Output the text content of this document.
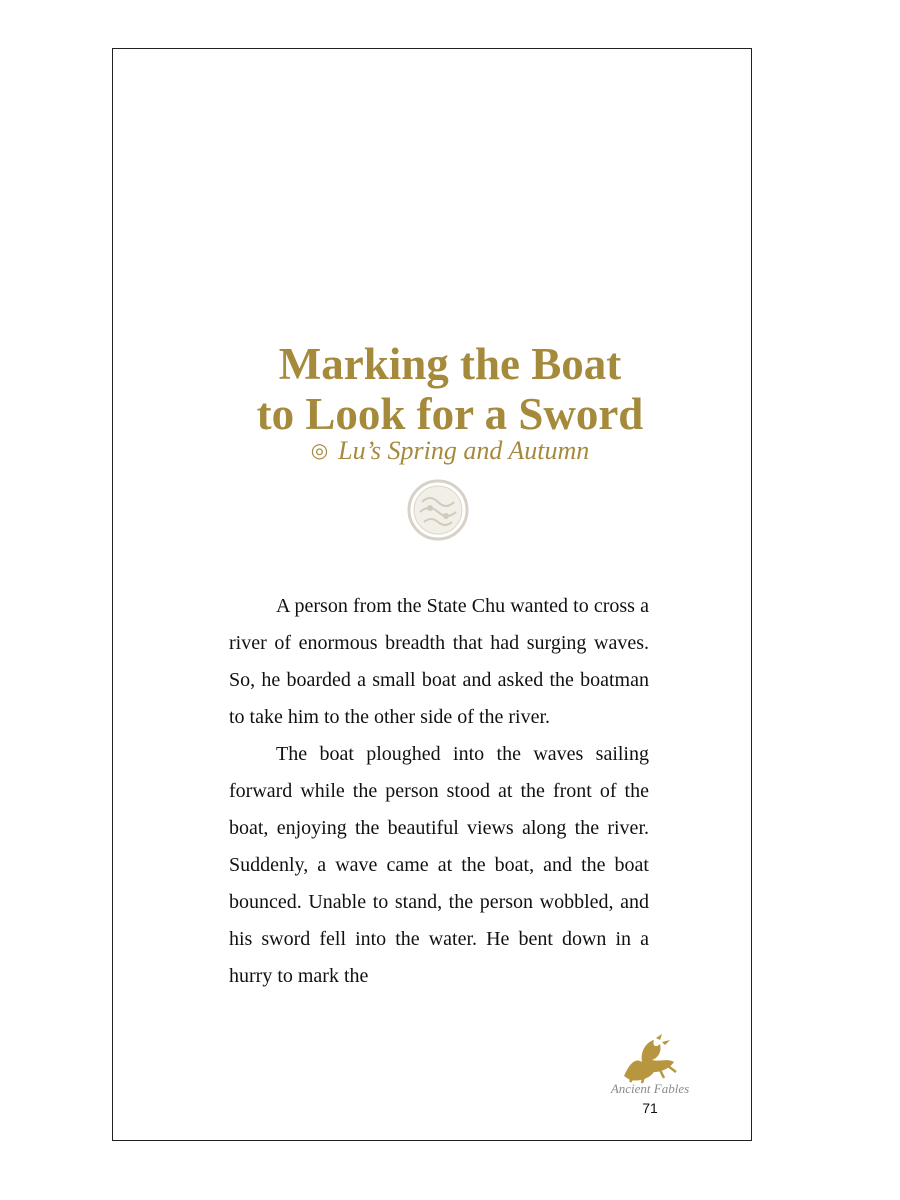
Marking the Boat
to Look for a Sword
◎ Lu’s Spring and Autumn

A person from the State Chu wanted to cross a river of enormous breadth that had surging waves. So, he boarded a small boat and asked the boatman to take him to the other side of the river.

The boat ploughed into the waves sailing forward while the person stood at the front of the boat, enjoying the beautiful views along the river. Suddenly, a wave came at the boat, and the boat bounced. Unable to stand, the person wobbled, and his sword fell into the water. He bent down in a hurry to mark the

Ancient Fables
71
